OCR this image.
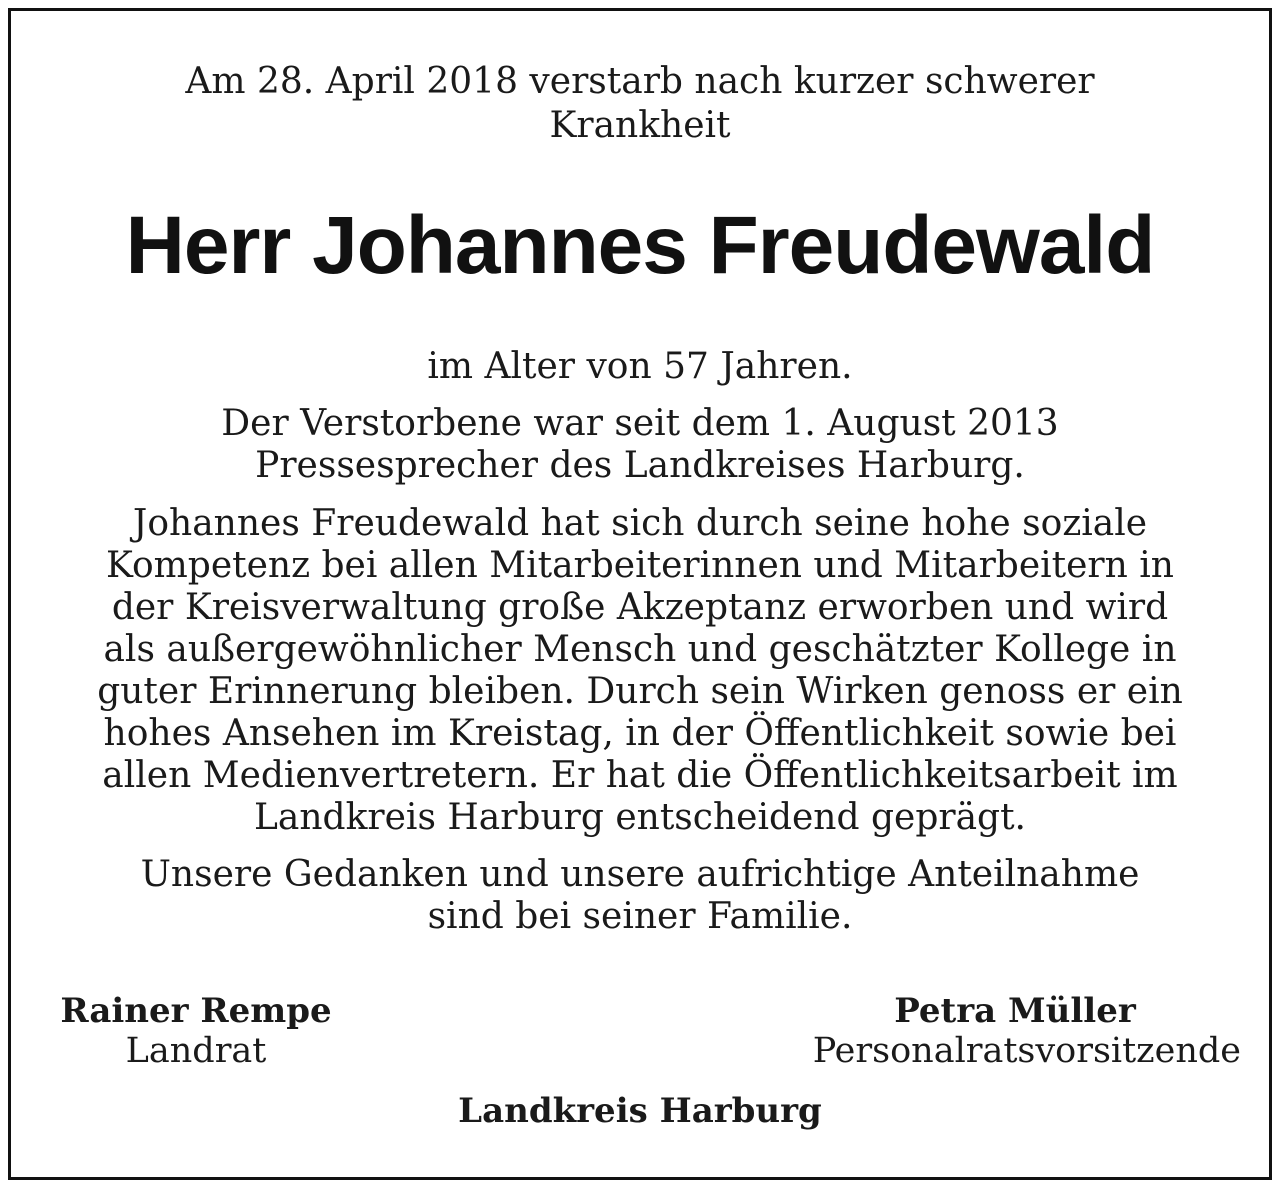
Am 28. April 2018 verstarb nach kurzer schwerer

Krankheit

Herr Johannes Freudewald

im Alter von 57 Jahren.

Der Verstorbene war seit dem 1. August 2013

Pressesprecher des Landkreises Harburg.

Johannes Freudewald hat sich durch seine hohe soziale

Kompetenz bei allen Mitarbeiterinnen und Mitarbeitern in

der Kreisverwaltung große Akzeptanz erworben und wird

als außergewöhnlicher Mensch und geschätzter Kollege in

guter Erinnerung bleiben. Durch sein Wirken genoss er ein

hohes Ansehen im Kreistag, in der Öffentlichkeit sowie bei

allen Medienvertretern. Er hat die Öffentlichkeitsarbeit im

Landkreis Harburg entscheidend geprägt.

Unsere Gedanken und unsere aufrichtige Anteilnahme

sind bei seiner Familie.

Rainer Rempe
Landrat
Petra Müller
Personalratsvorsitzende
Landkreis Harburg
